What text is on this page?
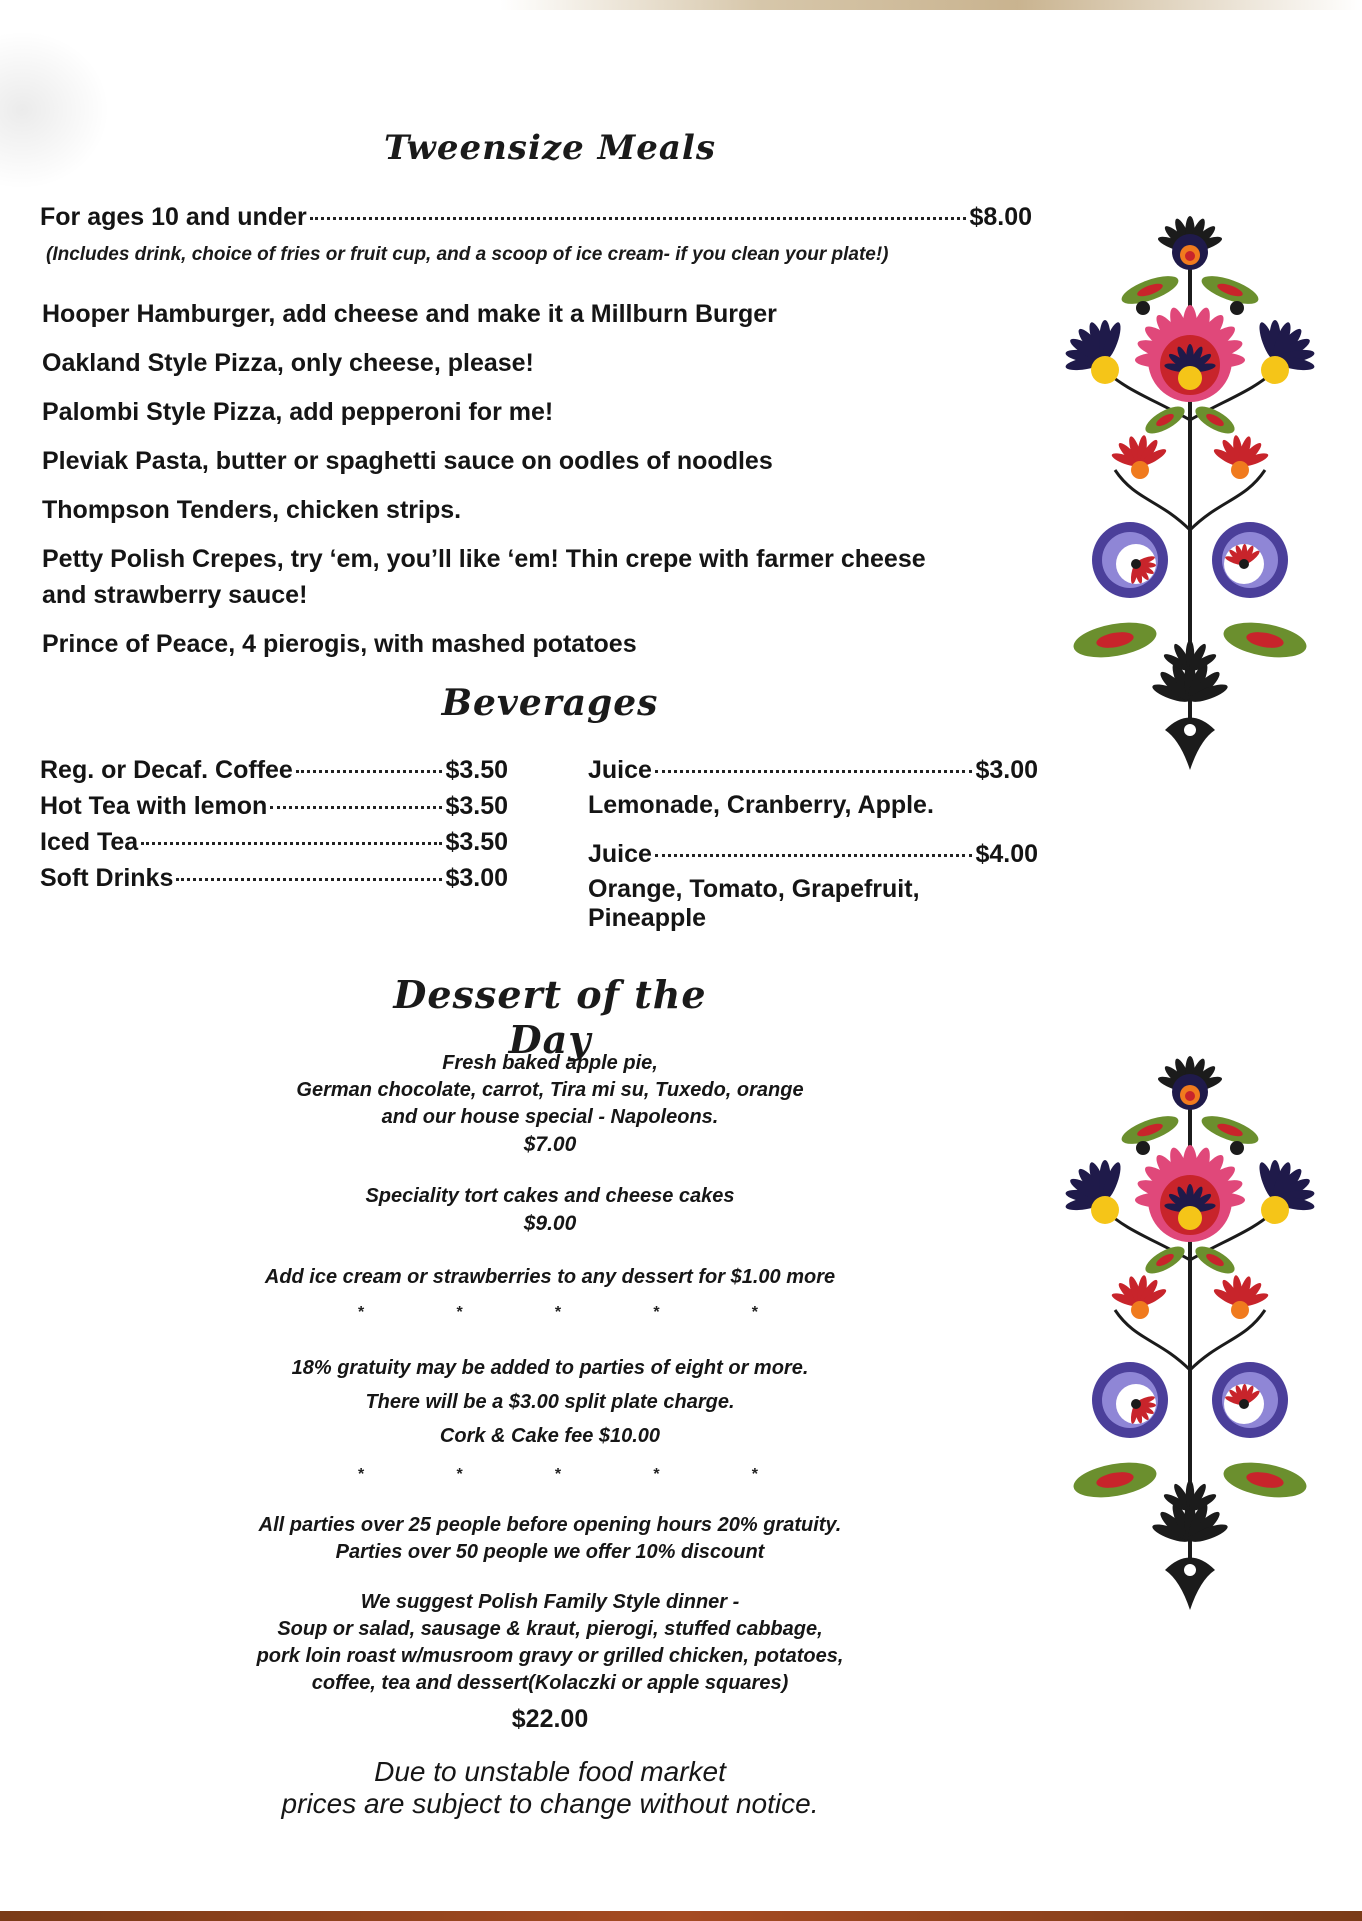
Tweensize Meals
For ages 10 and under	$8.00

(Includes drink, choice of fries or fruit cup, and a scoop of ice cream- if you clean your plate!)

Hooper Hamburger, add cheese and make it a Millburn Burger
Oakland Style Pizza, only cheese, please!
Palombi Style Pizza, add pepperoni for me!
Pleviak Pasta, butter or spaghetti sauce on oodles of noodles
Thompson Tenders, chicken strips.
Petty Polish Crepes, try ‘em, you’ll like ‘em! Thin crepe with farmer cheese
and strawberry sauce!
Prince of Peace, 4 pierogis, with mashed potatoes
Beverages
Reg. or Decaf. Coffee	$3.50
Hot Tea with lemon	$3.50
Iced Tea	$3.50
Soft Drinks	$3.00
Juice	$3.00
Lemonade, Cranberry, Apple.
Juice	$4.00
Orange, Tomato, Grapefruit, Pineapple
Dessert of the Day

Fresh baked apple pie,

German chocolate, carrot, Tira mi su, Tuxedo, orange

and our house special - Napoleons.

$7.00

Speciality tort cakes and cheese cakes

$9.00

Add ice cream or strawberries to any dessert for $1.00 more

*	*	*	*	*

18% gratuity may be added to parties of eight or more.

There will be a $3.00 split plate charge.

Cork & Cake fee $10.00

*	*	*	*	*

All parties over 25 people before opening hours 20% gratuity.

Parties over 50 people we offer 10% discount

We suggest Polish Family Style dinner -

Soup or salad, sausage & kraut, pierogi, stuffed cabbage,

pork loin roast w/musroom gravy or grilled chicken, potatoes,

coffee, tea and dessert(Kolaczki or apple squares)

$22.00

Due to unstable food market

prices are subject to change without notice.
